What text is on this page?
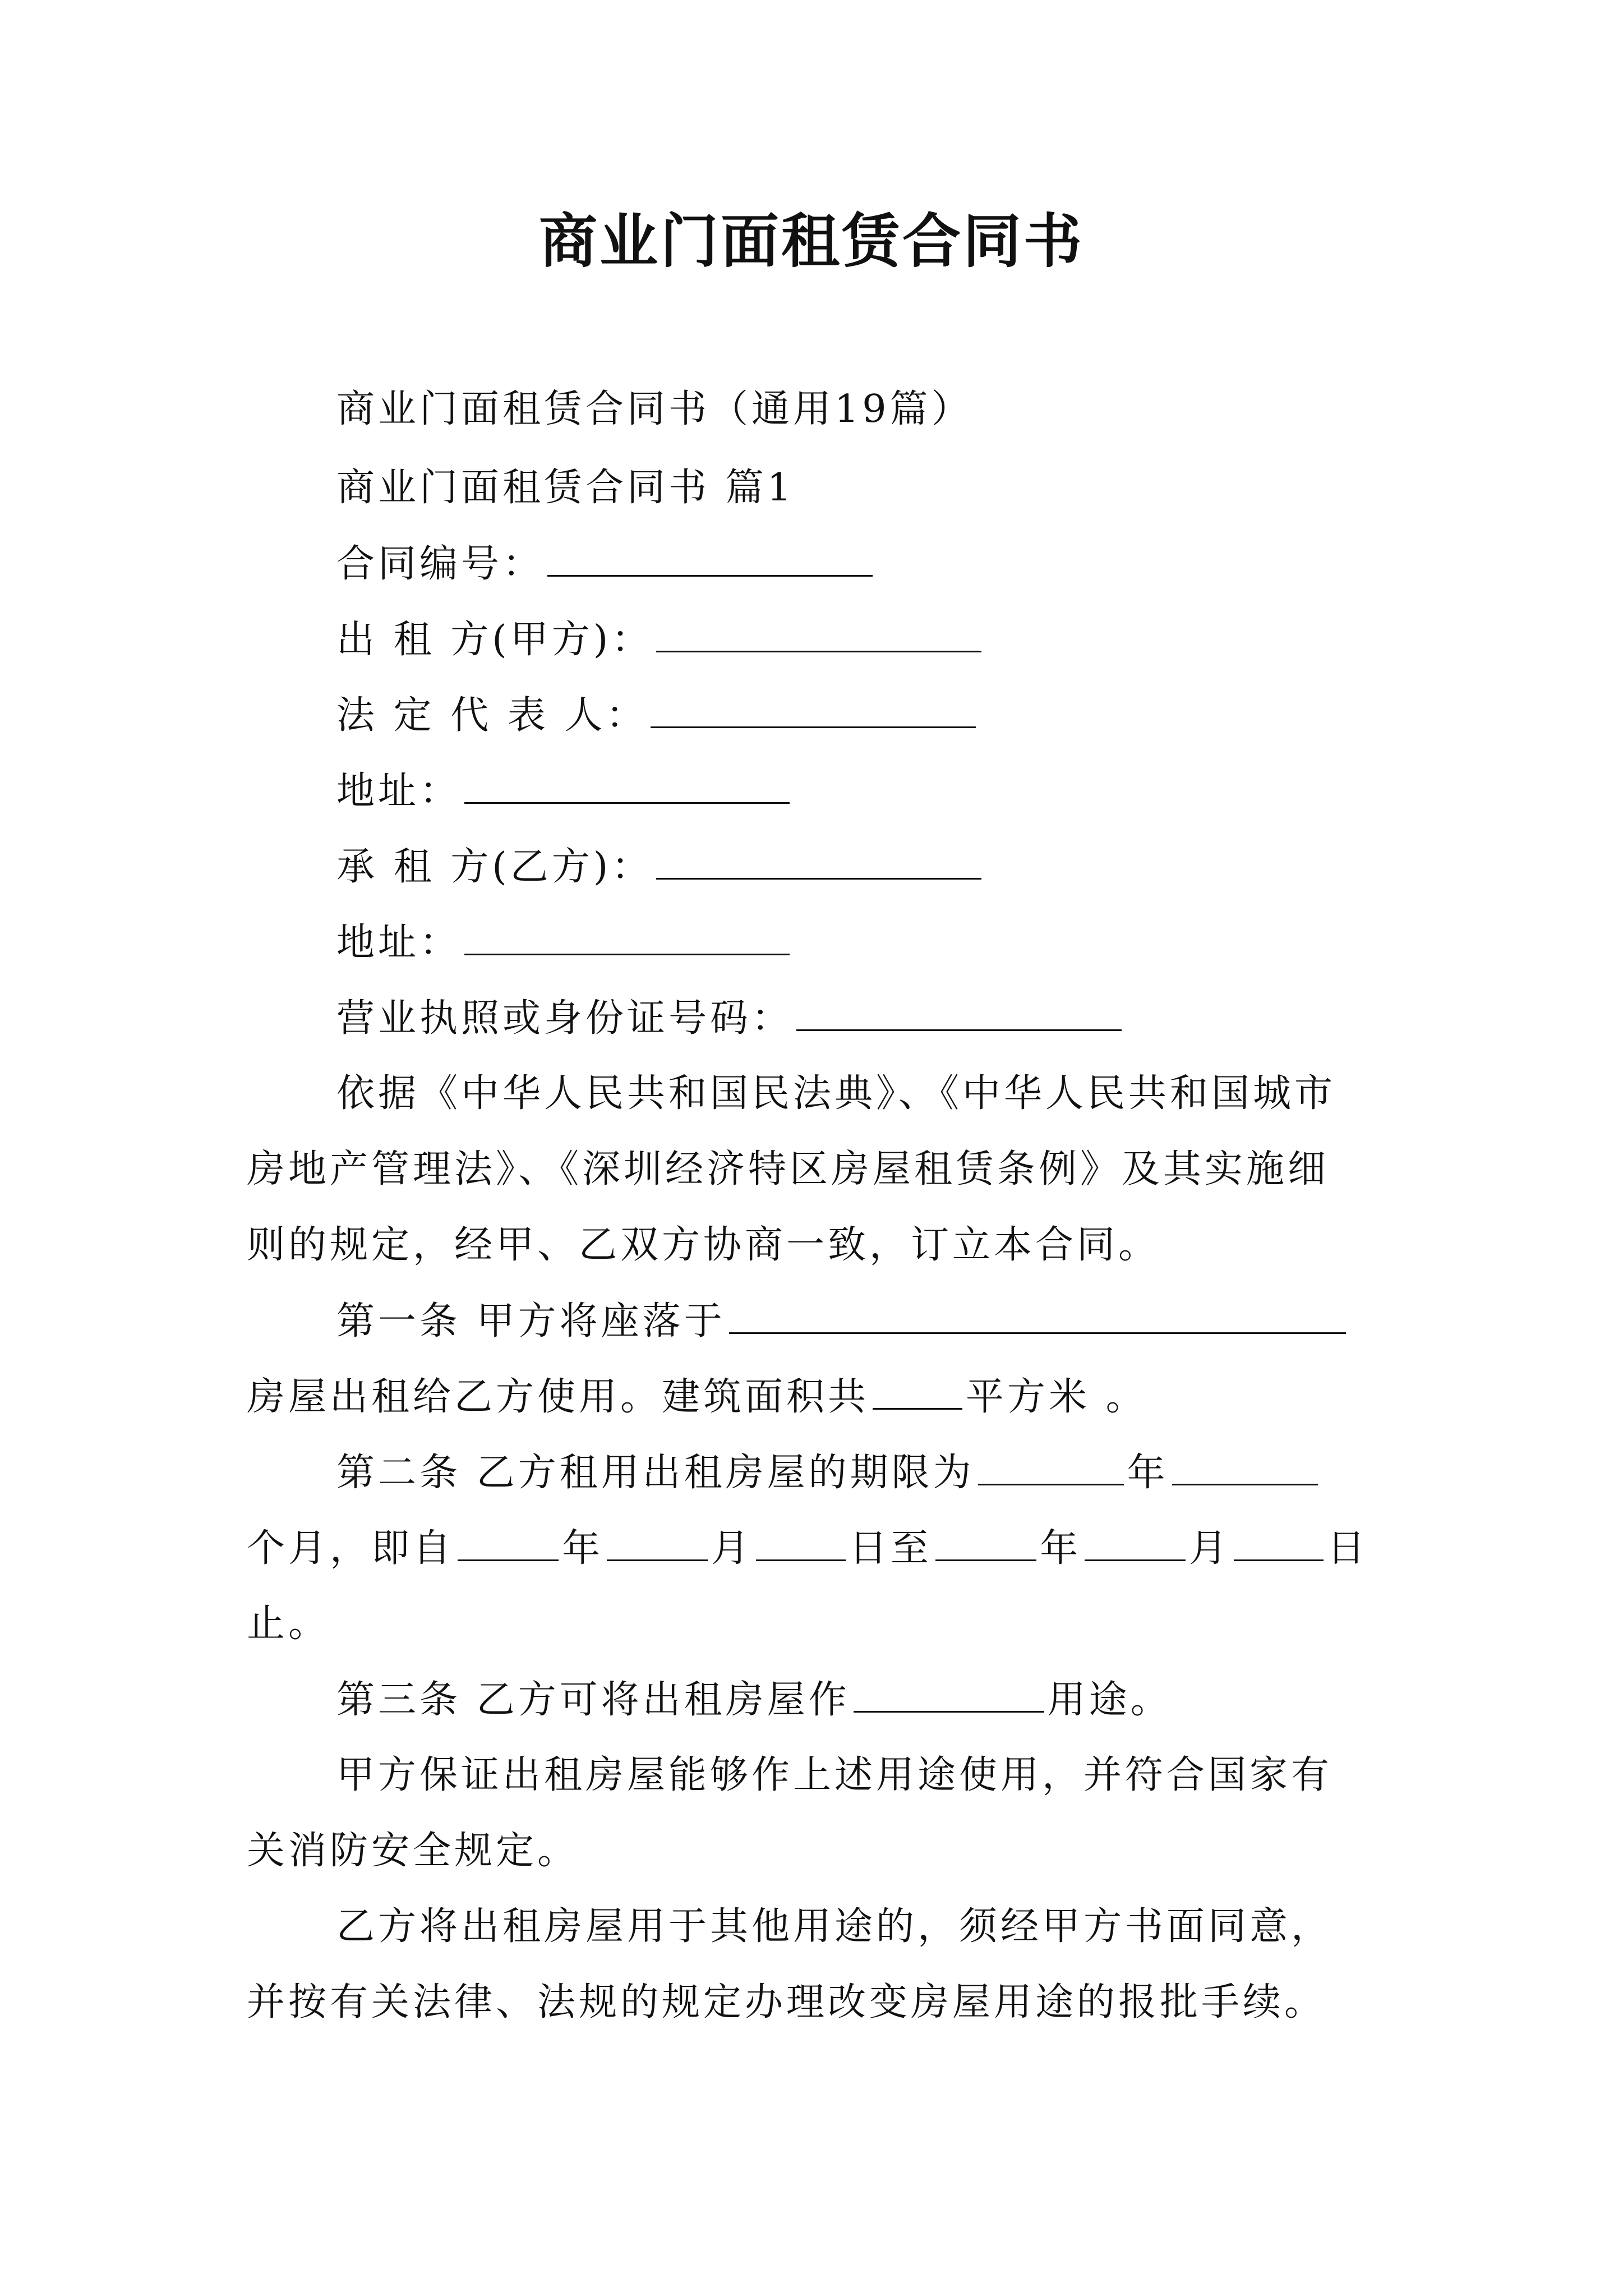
商业门面租赁合同书
商业门面租赁合同书（通用19篇）
商业门面租赁合同书 篇1
合同编号：
出 租 方(甲方)：
法 定 代 表 人：
地址：
承 租 方(乙方)：
地址：
营业执照或身份证号码：
依据《中华人民共和国民法典》、《中华人民共和国城市
房地产管理法》、《深圳经济特区房屋租赁条例》及其实施细
则的规定，经甲、乙双方协商一致，订立本合同。
第一条 甲方将座落于
房屋出租给乙方使用。建筑面积共	平方米 。
第二条 乙方租用出租房屋的期限为	年
个月，即自	年	月	日至	年	月	日
止。
第三条 乙方可将出租房屋作	用途。
甲方保证出租房屋能够作上述用途使用，并符合国家有
关消防安全规定。
乙方将出租房屋用于其他用途的，须经甲方书面同意，
并按有关法律、法规的规定办理改变房屋用途的报批手续。
